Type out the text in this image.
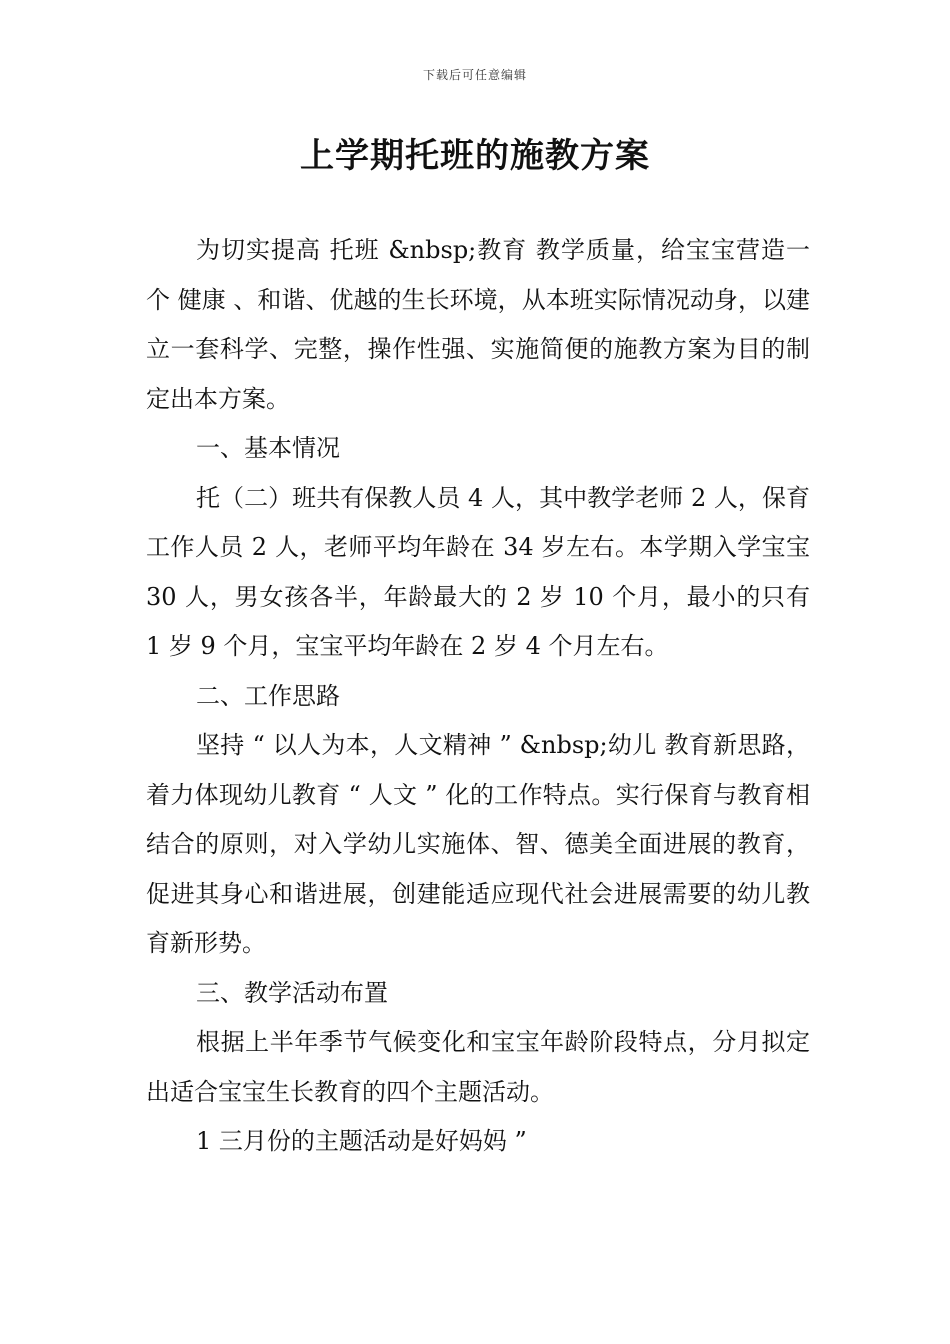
下载后可任意编辑
上学期托班的施教方案

为切实提高 托班 &nbsp;教育 教学质量，给宝宝营造一个 健康 、和谐、优越的生长环境，从本班实际情况动身，以建立一套科学、完整，操作性强、实施简便的施教方案为目的制定出本方案。

一、基本情况

托（二）班共有保教人员 4 人，其中教学老师 2 人，保育工作人员 2 人，老师平均年龄在 34 岁左右。本学期入学宝宝 30 人，男女孩各半，年龄最大的 2 岁 10 个月，最小的只有 1 岁 9 个月，宝宝平均年龄在 2 岁 4 个月左右。

二、工作思路

坚持 “ 以人为本，人文精神 ” &nbsp;幼儿 教育新思路，着力体现幼儿教育 “ 人文 ” 化的工作特点。实行保育与教育相结合的原则，对入学幼儿实施体、智、德美全面进展的教育，促进其身心和谐进展，创建能适应现代社会进展需要的幼儿教育新形势。

三、教学活动布置

根据上半年季节气候变化和宝宝年龄阶段特点，分月拟定出适合宝宝生长教育的四个主题活动。

1 三月份的主题活动是好妈妈 ”
